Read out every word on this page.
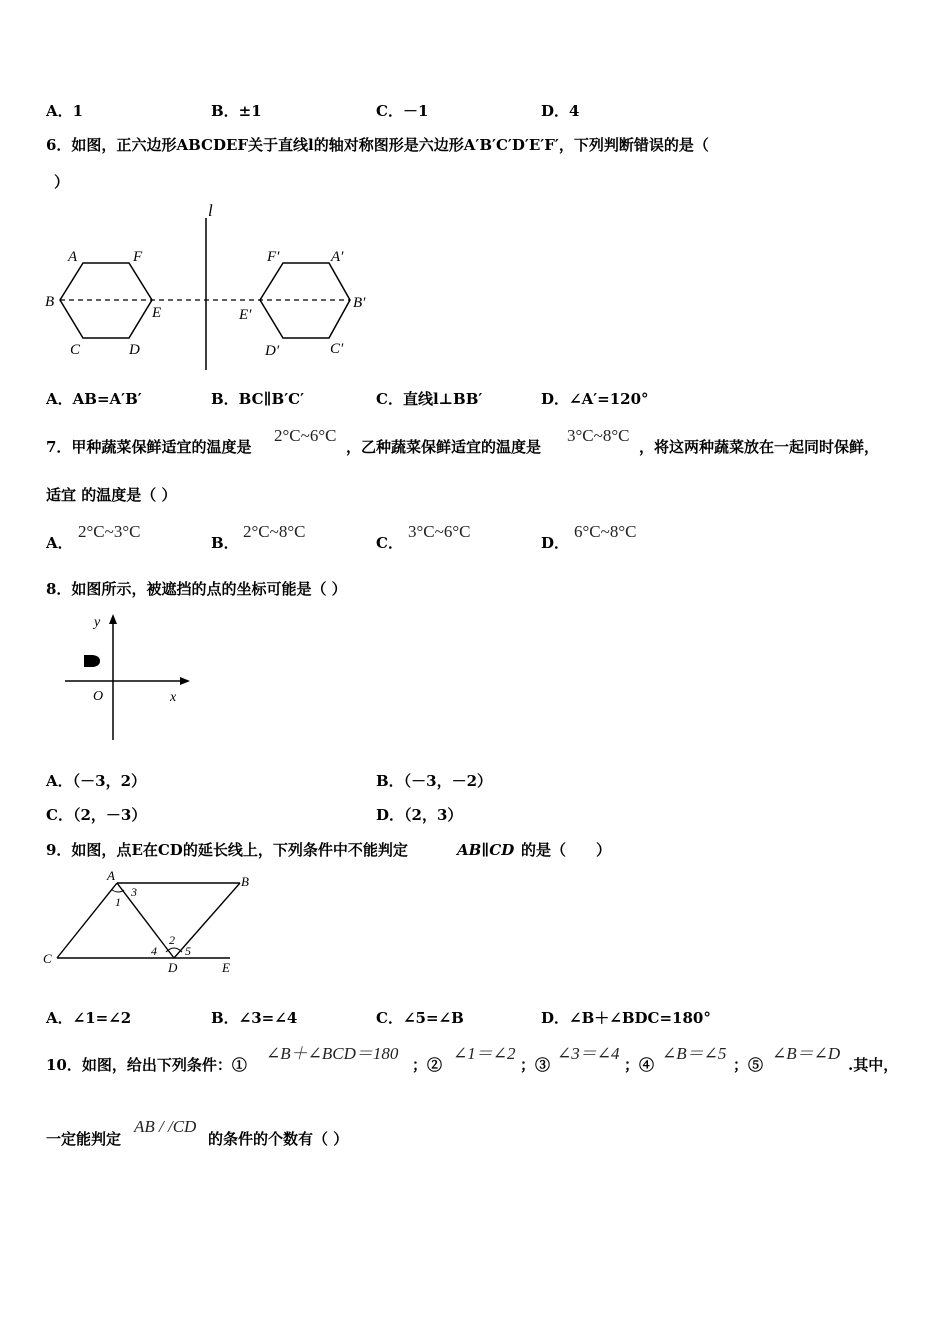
A．1	B．±1	C．－1	D．4
6．如图，正六边形ABCDEF关于直线l的轴对称图形是六边形A′B′C′D′E′F′，下列判断错误的是（
）
l
A	F
B
E
C	D
F′	A′
E′
B′
D′	C′
A．AB=A′B′	B．BC∥B′C′	C．直线l⊥BB′	D．∠A′=120°
7．甲种蔬菜保鲜适宜的温度是
2°C~6°C
，乙种蔬菜保鲜适宜的温度是
3°C~8°C
，将这两种蔬菜放在一起同时保鲜，
适宜 的温度是（ ）
A．
2°C~3°C
B．
2°C~8°C
C．
3°C~6°C
D．
6°C~8°C
8．如图所示，被遮挡的点的坐标可能是（ ）
y
O	x
A．（－3，2）	B．（－3，－2）
C．（2，－3）	D．（2，3）
9．如图，点E在CD的延长线上，下列条件中不能判定	AB∥CD 的是（　　）
A	B
C
D	E
1
2
3
4 5
A．∠1=∠2	B．∠3=∠4	C．∠5=∠B	D．∠B＋∠BDC=180°
10．如图，给出下列条件：①
∠B＋∠BCD＝180
；②
∠1＝∠2
；③
∠3＝∠4
；④
∠B＝∠5
；⑤
∠B＝∠D
.其中，
一定能判定
AB / /CD
的条件的个数有（ ）
